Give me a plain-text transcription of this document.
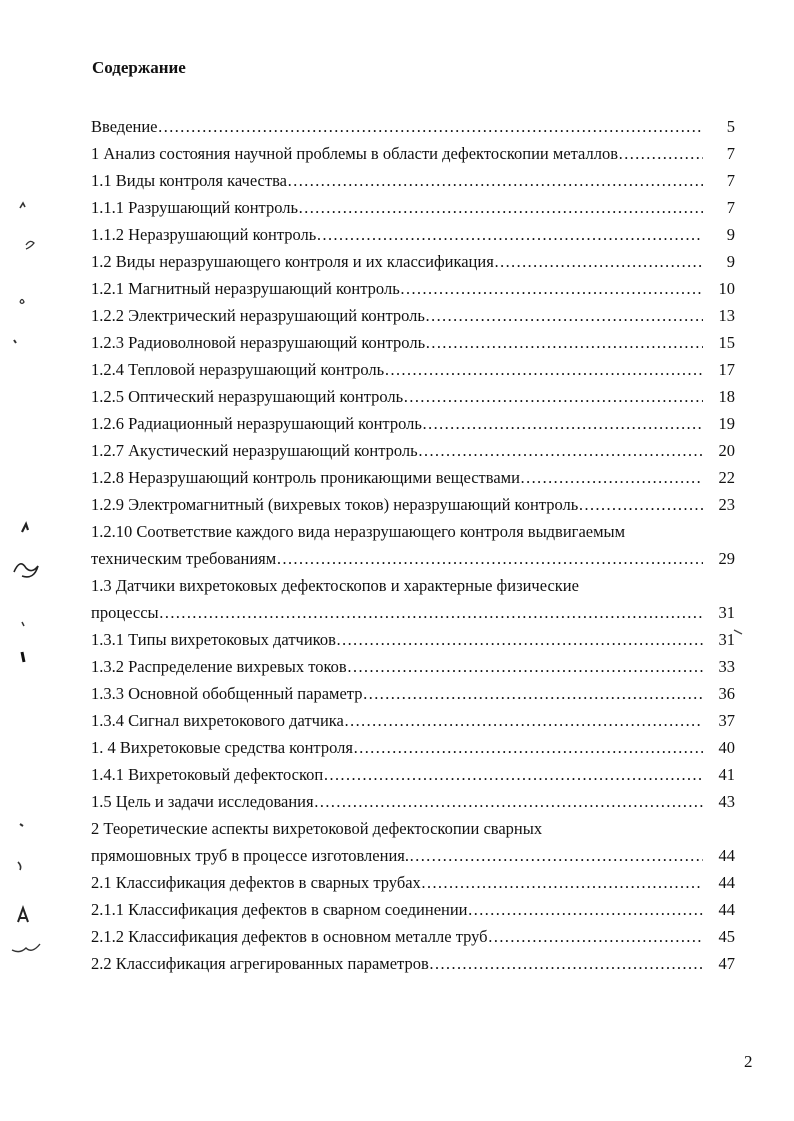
Содержание
Введение ………………………………………………………………………………………………………………………………………………………	5
1 Анализ состояния научной проблемы в области дефектоскопии металлов ………………………………………………………………………………………………………………………………………………………	7
1.1 Виды контроля качества ………………………………………………………………………………………………………………………………………………………	7
1.1.1 Разрушающий контроль ………………………………………………………………………………………………………………………………………………………	7
1.1.2 Неразрушающий контроль ………………………………………………………………………………………………………………………………………………………	9
1.2 Виды неразрушающего контроля и их классификация ………………………………………………………………………………………………………………………………………………………	9
1.2.1 Магнитный неразрушающий контроль ………………………………………………………………………………………………………………………………………………………	10
1.2.2 Электрический неразрушающий контроль ………………………………………………………………………………………………………………………………………………………	13
1.2.3 Радиоволновой неразрушающий контроль ………………………………………………………………………………………………………………………………………………………	15
1.2.4 Тепловой неразрушающий контроль ………………………………………………………………………………………………………………………………………………………	17
1.2.5 Оптический неразрушающий контроль ………………………………………………………………………………………………………………………………………………………	18
1.2.6 Радиационный неразрушающий контроль ………………………………………………………………………………………………………………………………………………………	19
1.2.7 Акустический неразрушающий контроль ………………………………………………………………………………………………………………………………………………………	20
1.2.8 Неразрушающий контроль проникающими веществами ………………………………………………………………………………………………………………………………………………………	22
1.2.9 Электромагнитный (вихревых токов) неразрушающий контроль ………………………………………………………………………………………………………………………………………………………	23
1.2.10 Соответствие каждого вида неразрушающего контроля выдвигаемым
техническим требованиям ………………………………………………………………………………………………………………………………………………………	29
1.3 Датчики вихретоковых дефектоскопов и характерные физические
процессы ………………………………………………………………………………………………………………………………………………………	31
1.3.1 Типы вихретоковых датчиков ………………………………………………………………………………………………………………………………………………………	31
1.3.2 Распределение вихревых токов ………………………………………………………………………………………………………………………………………………………	33
1.3.3 Основной обобщенный параметр ………………………………………………………………………………………………………………………………………………………	36
1.3.4 Сигнал вихретокового датчика ………………………………………………………………………………………………………………………………………………………	37
1. 4 Вихретоковые средства контроля ………………………………………………………………………………………………………………………………………………………	40
1.4.1 Вихретоковый дефектоскоп ………………………………………………………………………………………………………………………………………………………	41
1.5 Цель и задачи исследования ………………………………………………………………………………………………………………………………………………………	43
2 Теоретические аспекты вихретоковой дефектоскопии сварных
прямошовных труб в процессе изготовления. ………………………………………………………………………………………………………………………………………………………	44
2.1 Классификация дефектов в сварных трубах ………………………………………………………………………………………………………………………………………………………	44
2.1.1 Классификация дефектов в сварном соединении ………………………………………………………………………………………………………………………………………………………	44
2.1.2 Классификация дефектов в основном металле труб ………………………………………………………………………………………………………………………………………………………	45
2.2 Классификация агрегированных параметров ………………………………………………………………………………………………………………………………………………………	47
2
